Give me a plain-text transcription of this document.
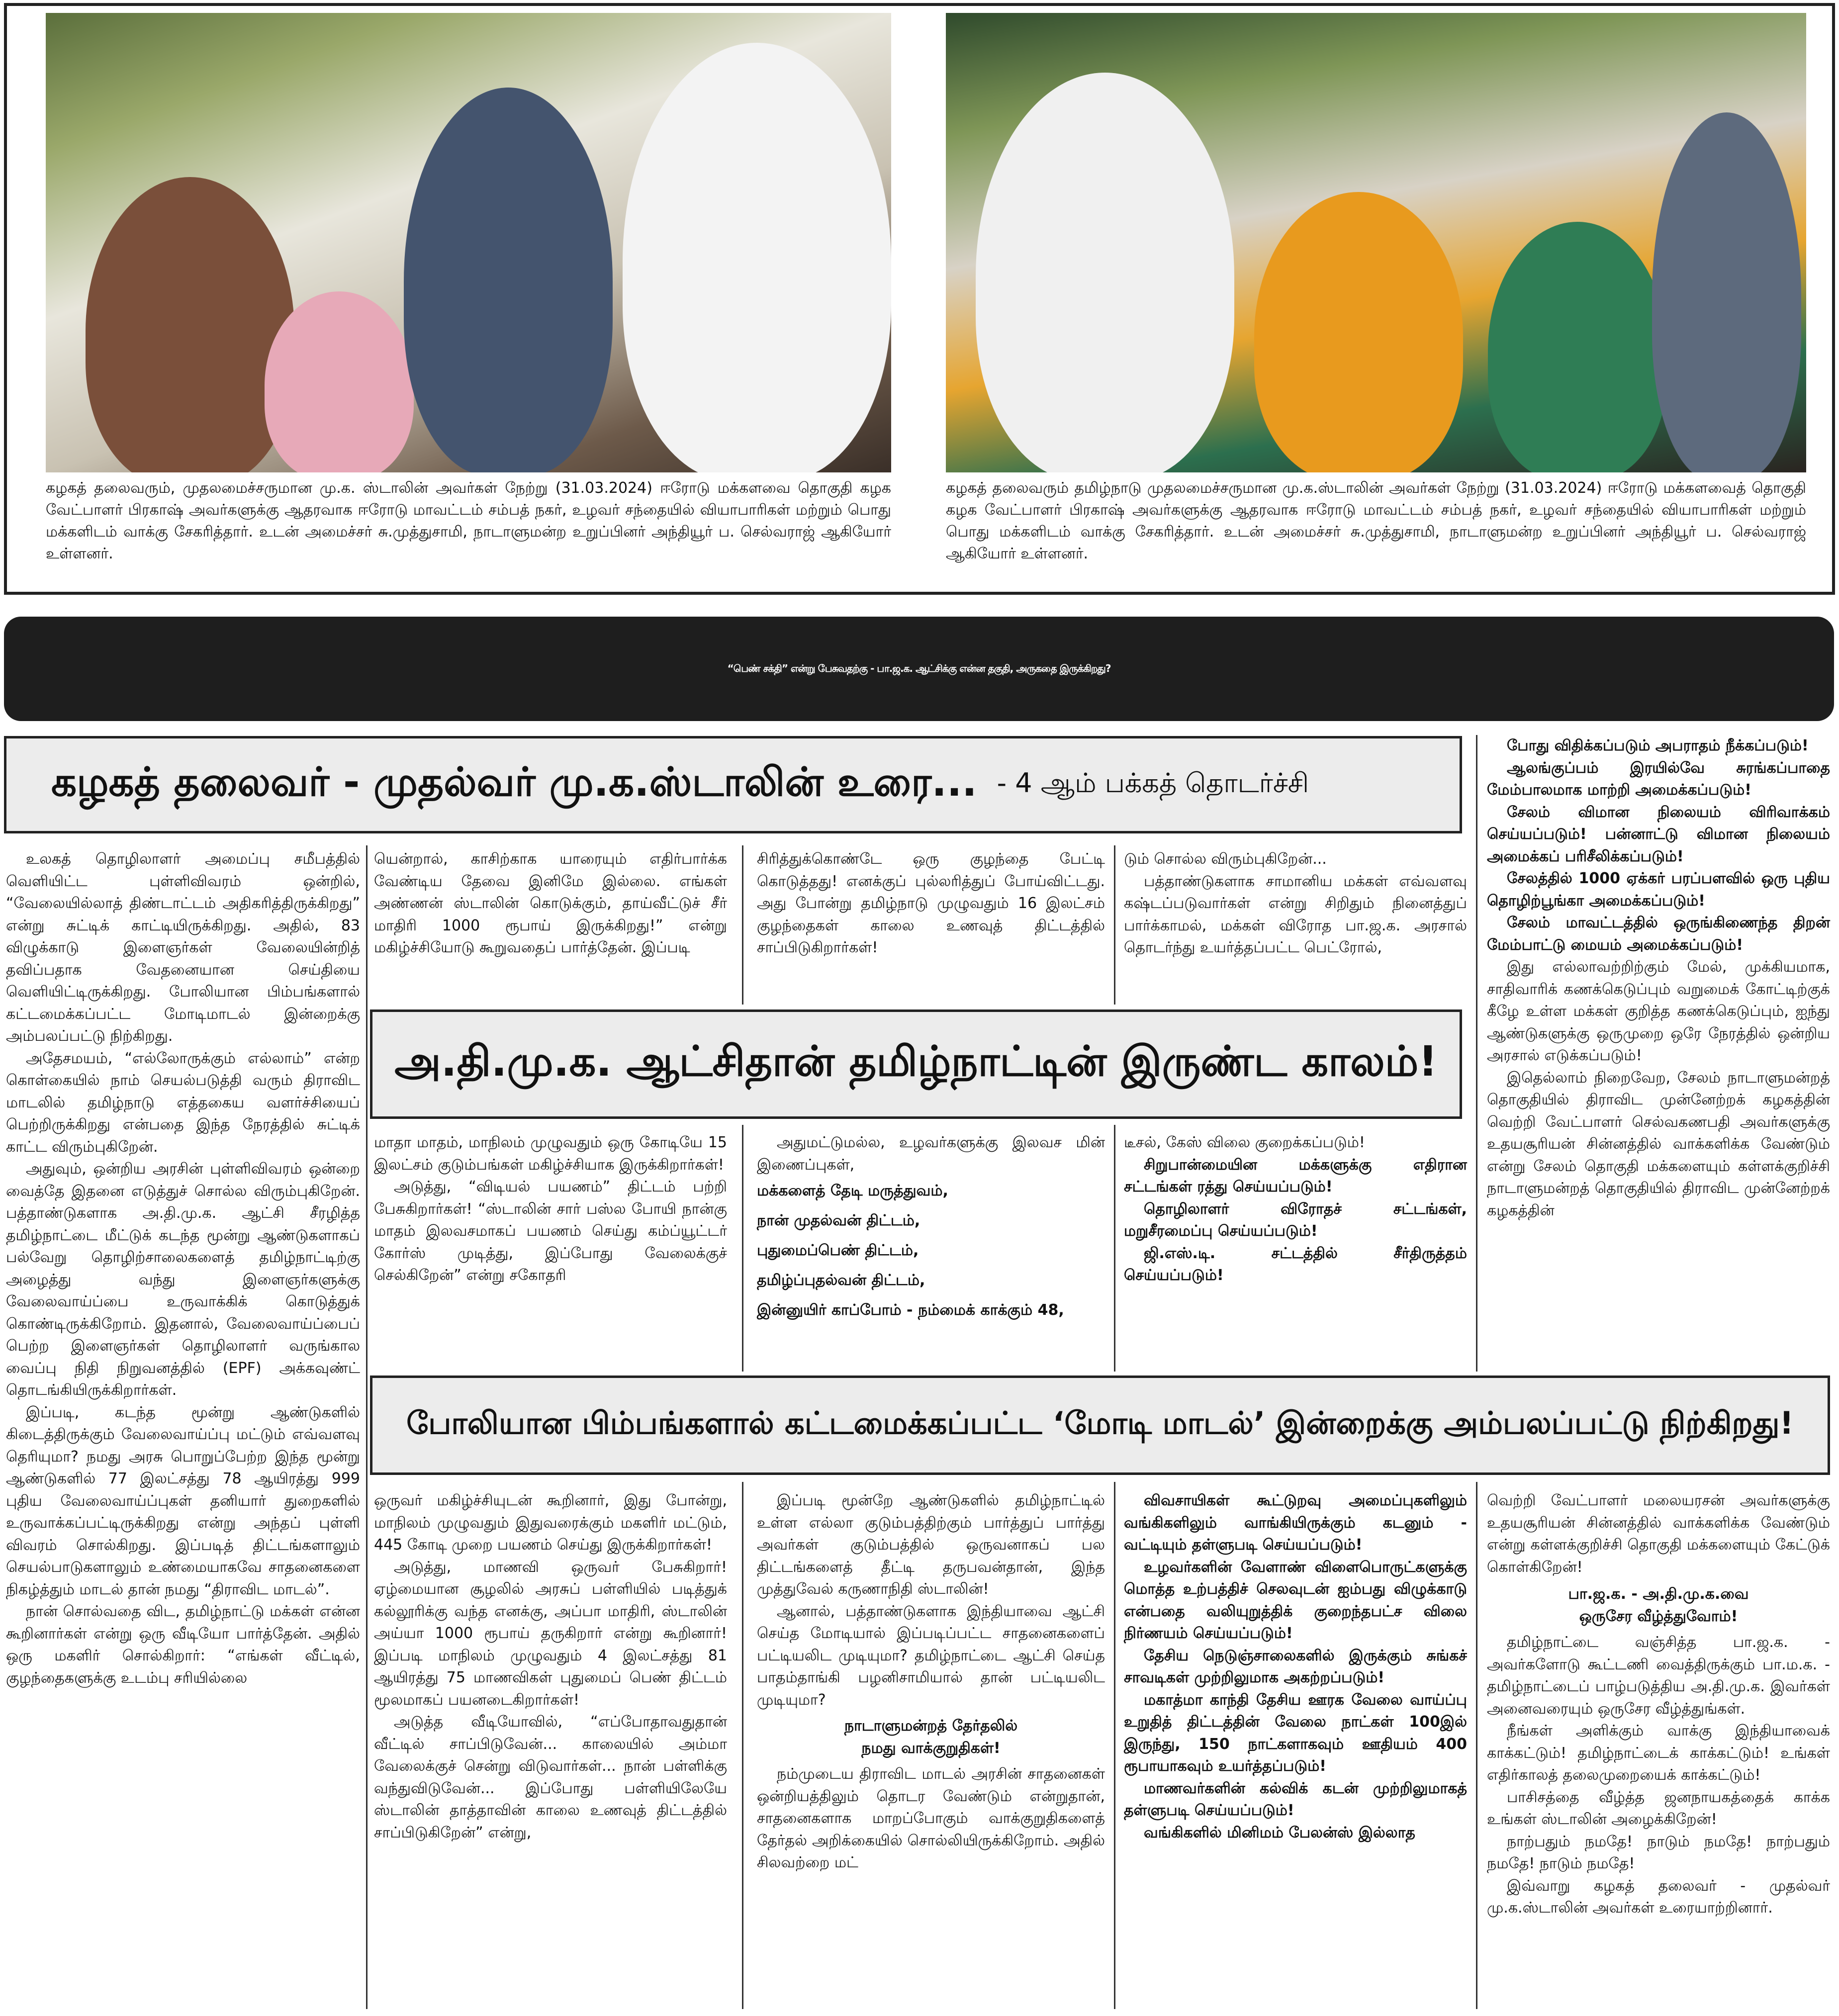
கழகத் தலைவரும், முதலமைச்சருமான மு.க. ஸ்டாலின் அவர்கள் நேற்று (31.03.2024) ஈரோடு மக்களவை தொகுதி கழக வேட்பாளர் பிரகாஷ் அவர்களுக்கு ஆதரவாக ஈரோடு மாவட்டம் சம்பத் நகர், உழவர் சந்தையில் வியாபாரிகள் மற்றும் பொது மக்களிடம் வாக்கு சேகரித்தார். உடன் அமைச்சர் சு.முத்துசாமி, நாடாளுமன்ற உறுப்பினர் அந்தியூர் ப. செல்வராஜ் ஆகியோர் உள்ளனர்.
கழகத் தலைவரும் தமிழ்நாடு முதலமைச்சருமான மு.க.ஸ்டாலின் அவர்கள் நேற்று (31.03.2024) ஈரோடு மக்களவைத் தொகுதி கழக வேட்பாளர் பிரகாஷ் அவர்களுக்கு ஆதரவாக ஈரோடு மாவட்டம் சம்பத் நகர், உழவர் சந்தையில் வியாபாரிகள் மற்றும் பொது மக்களிடம் வாக்கு சேகரித்தார். உடன் அமைச்சர் சு.முத்துசாமி, நாடாளுமன்ற உறுப்பினர் அந்தியூர் ப. செல்வராஜ் ஆகியோர் உள்ளனர்.
“பெண் சக்தி” என்று பேசுவதற்கு - பா.ஜ.க. ஆட்சிக்கு என்ன தகுதி, அருகதை இருக்கிறது?
கழகத் தலைவர் - முதல்வர் மு.க.ஸ்டாலின் உரை... - 4 ஆம் பக்கத் தொடர்ச்சி

போது விதிக்கப்படும் அபராதம் நீக்கப்படும்!

ஆலங்குப்பம் இரயில்வே சுரங்கப்பாதை மேம்பாலமாக மாற்றி அமைக்கப்படும்!

சேலம் விமான நிலையம் விரிவாக்கம் செய்யப்படும்! பன்னாட்டு விமான நிலையம் அமைக்கப் பரிசீலிக்கப்படும்!

சேலத்தில் 1000 ஏக்கர் பரப்பளவில் ஒரு புதிய தொழிற்பூங்கா அமைக்கப்படும்!

சேலம் மாவட்டத்தில் ஒருங்கிணைந்த திறன் மேம்பாட்டு மையம் அமைக்கப்படும்!

இது எல்லாவற்றிற்கும் மேல், முக்கியமாக, சாதிவாரிக் கணக்கெடுப்பும் வறுமைக் கோட்டிற்குக் கீழே உள்ள மக்கள் குறித்த கணக்கெடுப்பும், ஐந்து ஆண்டுகளுக்கு ஒருமுறை ஒரே நேரத்தில் ஒன்றிய அரசால் எடுக்கப்படும்!

இதெல்லாம் நிறைவேற, சேலம் நாடாளுமன்றத் தொகுதியில் திராவிட முன்னேற்றக் கழகத்தின் வெற்றி வேட்பாளர் செல்வகணபதி அவர்களுக்கு உதயசூரியன் சின்னத்தில் வாக்களிக்க வேண்டும் என்று சேலம் தொகுதி மக்களையும் கள்ளக்குறிச்சி நாடாளுமன்றத் தொகுதியில் திராவிட முன்னேற்றக் கழகத்தின்

உலகத் தொழிலாளர் அமைப்பு சமீபத்தில் வெளியிட்ட புள்ளிவிவரம் ஒன்றில், “வேலையில்லாத் திண்டாட்டம் அதிகரித்திருக்கிறது” என்று சுட்டிக் காட்டியிருக்கிறது. அதில், 83 விழுக்காடு இளைஞர்கள் வேலையின்றித் தவிப்பதாக வேதனையான செய்தியை வெளியிட்டிருக்கிறது. போலியான பிம்பங்களால் கட்டமைக்கப்பட்ட மோடிமாடல் இன்றைக்கு அம்பலப்பட்டு நிற்கிறது.

அதேசமயம், “எல்லோருக்கும் எல்லாம்” என்ற கொள்கையில் நாம் செயல்படுத்தி வரும் திராவிட மாடலில் தமிழ்நாடு எத்தகைய வளர்ச்சியைப் பெற்றிருக்கிறது என்பதை இந்த நேரத்தில் சுட்டிக் காட்ட விரும்புகிறேன்.

அதுவும், ஒன்றிய அரசின் புள்ளிவிவரம் ஒன்றை வைத்தே இதனை எடுத்துச் சொல்ல விரும்புகிறேன். பத்தாண்டுகளாக அ.தி.மு.க. ஆட்சி சீரழித்த தமிழ்நாட்டை மீட்டுக் கடந்த மூன்று ஆண்டுகளாகப் பல்வேறு தொழிற்சாலைகளைத் தமிழ்நாட்டிற்கு அழைத்து வந்து இளைஞர்களுக்கு வேலைவாய்ப்பை உருவாக்கிக் கொடுத்துக் கொண்டிருக்கிறோம். இதனால், வேலைவாய்ப்பைப் பெற்ற இளைஞர்கள் தொழிலாளர் வருங்கால வைப்பு நிதி நிறுவனத்தில் (EPF) அக்கவுண்ட் தொடங்கியிருக்கிறார்கள்.

இப்படி, கடந்த மூன்று ஆண்டுகளில் கிடைத்திருக்கும் வேலைவாய்ப்பு மட்டும் எவ்வளவு தெரியுமா? நமது அரசு பொறுப்பேற்ற இந்த மூன்று ஆண்டுகளில் 77 இலட்சத்து 78 ஆயிரத்து 999 புதிய வேலைவாய்ப்புகள் தனியார் துறைகளில் உருவாக்கப்பட்டிருக்கிறது என்று அந்தப் புள்ளி விவரம் சொல்கிறது. இப்படித் திட்டங்களாலும் செயல்பாடுகளாலும் உண்மையாகவே சாதனைகளை நிகழ்த்தும் மாடல் தான் நமது “திராவிட மாடல்”.

நான் சொல்வதை விட, தமிழ்நாட்டு மக்கள் என்ன கூறினார்கள் என்று ஒரு வீடியோ பார்த்தேன். அதில் ஒரு மகளிர் சொல்கிறார்: “எங்கள் வீட்டில், குழந்தைகளுக்கு உடம்பு சரியில்லை

யென்றால், காசிற்காக யாரையும் எதிர்பார்க்க வேண்டிய தேவை இனிமே இல்லை. எங்கள் அண்ணன் ஸ்டாலின் கொடுக்கும், தாய்வீட்டுச் சீர் மாதிரி 1000 ரூபாய் இருக்கிறது!” என்று மகிழ்ச்சியோடு கூறுவதைப் பார்த்தேன். இப்படி

சிரித்துக்கொண்டே ஒரு குழந்தை பேட்டி கொடுத்தது! எனக்குப் புல்லரித்துப் போய்விட்டது. அது போன்று தமிழ்நாடு முழுவதும் 16 இலட்சம் குழந்தைகள் காலை உணவுத் திட்டத்தில் சாப்பிடுகிறார்கள்!

டும் சொல்ல விரும்புகிறேன்...

பத்தாண்டுகளாக சாமானிய மக்கள் எவ்வளவு கஷ்டப்படுவார்கள் என்று சிறிதும் நினைத்துப் பார்க்காமல், மக்கள் விரோத பா.ஜ.க. அரசால் தொடர்ந்து உயர்த்தப்பட்ட பெட்ரோல்,

அ.தி.மு.க. ஆட்சிதான் தமிழ்நாட்டின் இருண்ட காலம்!

மாதா மாதம், மாநிலம் முழுவதும் ஒரு கோடியே 15 இலட்சம் குடும்பங்கள் மகிழ்ச்சியாக இருக்கிறார்கள்!

அடுத்து, “விடியல் பயணம்” திட்டம் பற்றி பேசுகிறார்கள்! “ஸ்டாலின் சார் பஸ்ல போயி நான்கு மாதம் இலவசமாகப் பயணம் செய்து கம்ப்யூட்டர் கோர்ஸ் முடித்து, இப்போது வேலைக்குச் செல்கிறேன்” என்று சகோதரி

அதுமட்டுமல்ல, உழவர்களுக்கு இலவச மின் இணைப்புகள்,

மக்களைத் தேடி மருத்துவம்,

நான் முதல்வன் திட்டம்,

புதுமைப்பெண் திட்டம்,

தமிழ்ப்புதல்வன் திட்டம்,

இன்னுயிர் காப்போம் - நம்மைக் காக்கும் 48,

டீசல், கேஸ் விலை குறைக்கப்படும்!

சிறுபான்மையின மக்களுக்கு எதிரான சட்டங்கள் ரத்து செய்யப்படும்!

தொழிலாளர் விரோதச் சட்டங்கள், மறுசீரமைப்பு செய்யப்படும்!

ஜி.எஸ்.டி. சட்டத்தில் சீர்திருத்தம் செய்யப்படும்!

போலியான பிம்பங்களால் கட்டமைக்கப்பட்ட ‘மோடி மாடல்’ இன்றைக்கு அம்பலப்பட்டு நிற்கிறது!

ஒருவர் மகிழ்ச்சியுடன் கூறினார், இது போன்று, மாநிலம் முழுவதும் இதுவரைக்கும் மகளிர் மட்டும், 445 கோடி முறை பயணம் செய்து இருக்கிறார்கள்!

அடுத்து, மாணவி ஒருவர் பேசுகிறார்! ஏழ்மையான சூழலில் அரசுப் பள்ளியில் படித்துக் கல்லூரிக்கு வந்த எனக்கு, அப்பா மாதிரி, ஸ்டாலின் அய்யா 1000 ரூபாய் தருகிறார் என்று கூறினார்! இப்படி மாநிலம் முழுவதும் 4 இலட்சத்து 81 ஆயிரத்து 75 மாணவிகள் புதுமைப் பெண் திட்டம் மூலமாகப் பயனடைகிறார்கள்!

அடுத்த வீடியோவில், “எப்போதாவதுதான் வீட்டில் சாப்பிடுவேன்... காலையில் அம்மா வேலைக்குச் சென்று விடுவார்கள்... நான் பள்ளிக்கு வந்துவிடுவேன்... இப்போது பள்ளியிலேயே ஸ்டாலின் தாத்தாவின் காலை உணவுத் திட்டத்தில் சாப்பிடுகிறேன்” என்று,

இப்படி மூன்றே ஆண்டுகளில் தமிழ்நாட்டில் உள்ள எல்லா குடும்பத்திற்கும் பார்த்துப் பார்த்து அவர்கள் குடும்பத்தில் ஒருவனாகப் பல திட்டங்களைத் தீட்டி தருபவன்தான், இந்த முத்துவேல் கருணாநிதி ஸ்டாலின்!

ஆனால், பத்தாண்டுகளாக இந்தியாவை ஆட்சி செய்த மோடியால் இப்படிப்பட்ட சாதனைகளைப் பட்டியலிட முடியுமா? தமிழ்நாட்டை ஆட்சி செய்த பாதம்தாங்கி பழனிசாமியால் தான் பட்டியலிட முடியுமா?

நாடாளுமன்றத் தேர்தலில்

நமது வாக்குறுதிகள்!

நம்முடைய திராவிட மாடல் அரசின் சாதனைகள் ஒன்றியத்திலும் தொடர வேண்டும் என்றுதான், சாதனைகளாக மாறப்போகும் வாக்குறுதிகளைத் தேர்தல் அறிக்கையில் சொல்லியிருக்கிறோம். அதில் சிலவற்றை மட்

விவசாயிகள் கூட்டுறவு அமைப்புகளிலும் வங்கிகளிலும் வாங்கியிருக்கும் கடனும் - வட்டியும் தள்ளுபடி செய்யப்படும்!

உழவர்களின் வேளாண் விளைபொருட்களுக்கு மொத்த உற்பத்திச் செலவுடன் ஐம்பது விழுக்காடு என்பதை வலியுறுத்திக் குறைந்தபட்ச விலை நிர்ணயம் செய்யப்படும்!

தேசிய நெடுஞ்சாலைகளில் இருக்கும் சுங்கச் சாவடிகள் முற்றிலுமாக அகற்றப்படும்!

மகாத்மா காந்தி தேசிய ஊரக வேலை வாய்ப்பு உறுதித் திட்டத்தின் வேலை நாட்கள் 100இல் இருந்து, 150 நாட்களாகவும் ஊதியம் 400 ரூபாயாகவும் உயர்த்தப்படும்!

மாணவர்களின் கல்விக் கடன் முற்றிலுமாகத் தள்ளுபடி செய்யப்படும்!

வங்கிகளில் மினிமம் பேலன்ஸ் இல்லாத

வெற்றி வேட்பாளர் மலையரசன் அவர்களுக்கு உதயசூரியன் சின்னத்தில் வாக்களிக்க வேண்டும் என்று கள்ளக்குறிச்சி தொகுதி மக்களையும் கேட்டுக் கொள்கிறேன்!

பா.ஜ.க. - அ.தி.மு.க.வை

ஒருசேர வீழ்த்துவோம்!

தமிழ்நாட்டை வஞ்சித்த பா.ஜ.க. - அவர்களோடு கூட்டணி வைத்திருக்கும் பா.ம.க. - தமிழ்நாட்டைப் பாழ்படுத்திய அ.தி.மு.க. இவர்கள் அனைவரையும் ஒருசேர வீழ்த்துங்கள்.

நீங்கள் அளிக்கும் வாக்கு இந்தியாவைக் காக்கட்டும்! தமிழ்நாட்டைக் காக்கட்டும்! உங்கள் எதிர்காலத் தலைமுறையைக் காக்கட்டும்!

பாசிசத்தை வீழ்த்த ஜனநாயகத்தைக் காக்க உங்கள் ஸ்டாலின் அழைக்கிறேன்!

நாற்பதும் நமதே! நாடும் நமதே! நாற்பதும் நமதே! நாடும் நமதே!

இவ்வாறு கழகத் தலைவர் - முதல்வர் மு.க.ஸ்டாலின் அவர்கள் உரையாற்றினார்.
